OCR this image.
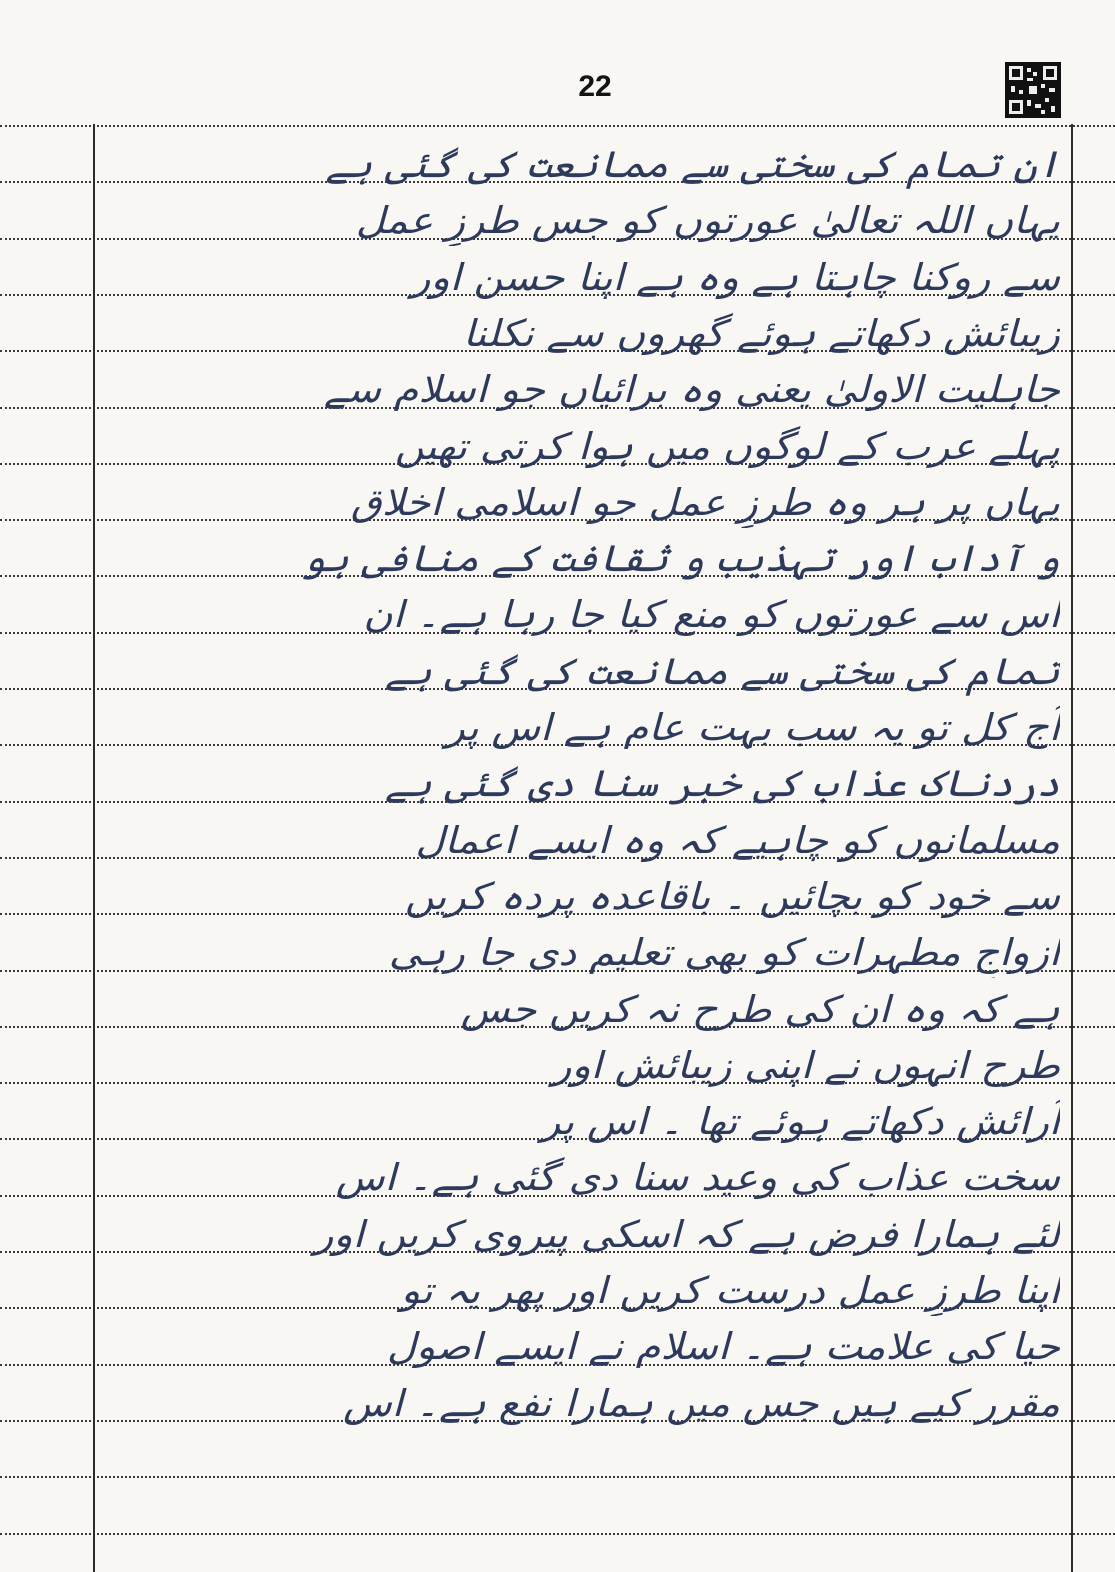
22
ان تمام کی سختی سے ممانعت کی گئی ہے
یہاں اللہ تعالیٰ عورتوں کو جس طرزِ عمل
سے روکنا چاہتا ہے وہ ہے اپنا حسن اور
زیبائش دکھاتے ہوئے گھروں سے نکلنا
جاہلیت الاولیٰ یعنی وہ برائیاں جو اسلام سے
پہلے عرب کے لوگوں میں ہوا کرتی تھیں
یہاں پر ہر وہ طرزِ عمل جو اسلامی اخلاق
و آداب اور تہذیب و ثقافت کے منافی ہو
اس سے عورتوں کو منع کیا جا رہا ہے۔ ان
تمام کی سختی سے ممانعت کی گئی ہے
آج کل تو یہ سب بہت عام ہے اس پر
دردناک عذاب کی خبر سنا دی گئی ہے
مسلمانوں کو چاہیے کہ وہ ایسے اعمال
سے خود کو بچائیں ۔ باقاعدہ پردہ کریں
ازواجِ مطہرات کو بھی تعلیم دی جا رہی
ہے کہ وہ ان کی طرح نہ کریں جس
طرح انہوں نے اپنی زیبائش اور
آرائش دکھاتے ہوئے تھا ۔ اس پر
سخت عذاب کی وعید سنا دی گئی ہے۔ اس
لئے ہمارا فرض ہے کہ اسکی پیروی کریں اور
اپنا طرزِ عمل درست کریں اور پھر یہ تو
حیا کی علامت ہے۔ اسلام نے ایسے اصول
مقرر کیے ہیں جس میں ہمارا نفع ہے۔ اس
